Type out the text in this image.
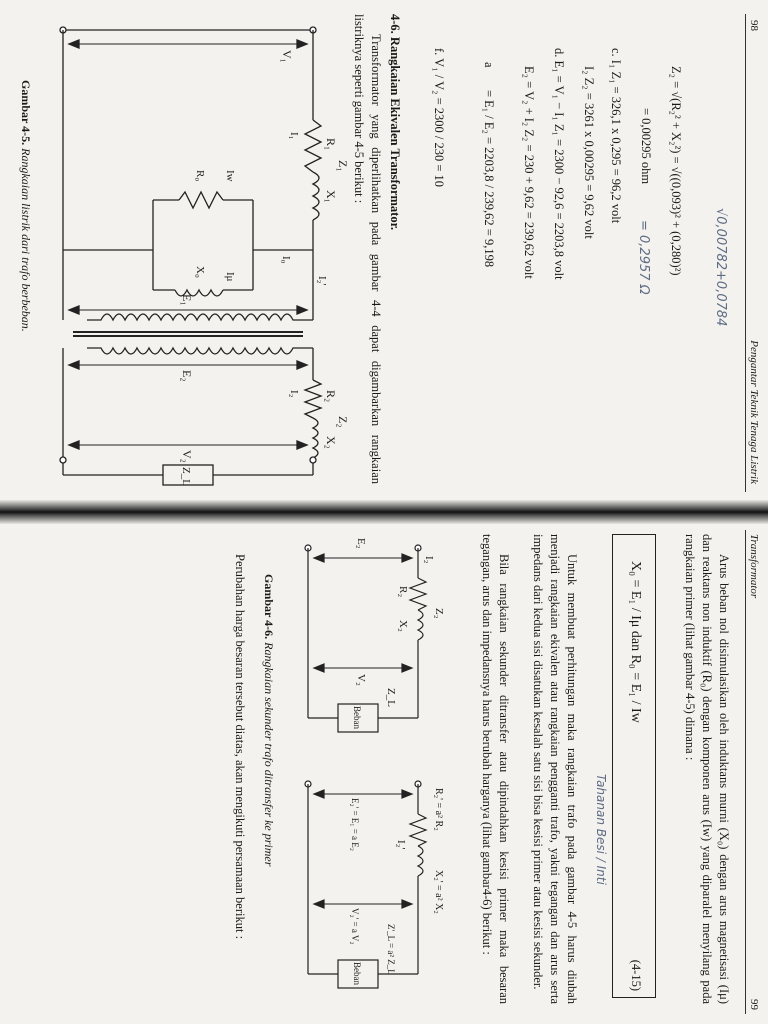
98
Pengantar Teknik Tenaga Listrik
Z₂ = √(R₂² + X₂²) = √((0,093)² + (0,280)²) √0,00782+0,0784
= 0,00295 ohm
= 0,2957 Ω
c. I₁ Z₁ = 326,1 x 0,295 = 96,2 volt
I₂ Z₂ = 3261 x 0,00295 = 9,62 volt
d. E₁ = V₁ − I₁ Z₁ = 2300 − 92,6 = 2203,8 volt
E₂ = V₂ + I₂ Z₂ = 230 + 9,62 = 239,62 volt
a
= E₁ / E₂ = 2203,8 / 239,62 = 9,198
f. V₁ / V₂ = 2300 / 230 = 10
4-6. Rangkaian Ekivalen Transformator.
Transformator yang diperlihatkan pada gambar 4-4 dapat digambarkan rangkaian listriknya seperti gambar 4-5 berikut :
V₁
R₁
X₁
Z₁
I₁
I₀
I₂'
Iw
Iμ
R₀
X₀
E₁
E₂
R₂
X₂
Z₂
I₂
V₂
Z_L
Gambar 4-5. Rangkaian listrik dari trafo berbeban.
Transformator
99
Arus beban nol disimulasikan oleh induktans murni (X₀) dengan arus magnetisasi (Iμ) dan reaktans non induktif (R₀) dengan komponen arus (Iw) yang diparalel menyilang pada rangkaian primer (lihat gambar 4-5) dimana :
X₀ = E₁ / Iμ dan R₀ = E₁ / Iw
(4-15)
Tahanan Besi / Inti
Untuk membuat perhitungan maka rangkaian trafo pada gambar 4-5 harus diubah menjadi rangkaian ekivalen atau rangkaian pengganti trafo, yakni tegangan dan arus serta impedans dari kedua sisi disatukan kesalah satu sisi bisa kesisi primer atau kesisi sekunder.
Bila rangkaian sekunder ditransfer atau dipindahkan kesisi primer maka besaran tegangan, arus dan impedansnya harus berubah harganya (lihat gambar4-6) berikut :
I₂
R₂
X₂
Z₂
E₂
V₂
Beban
Z_L
R₂' = a² R₂
X₂' = a² X₂
I₂'
E₂' = E₁ = a E₂
V₂' = a V₂
Beban	Z'_L = a² Z_L
Gambar 4-6. Rangkaian sekunder trafo ditransfer ke primer
Perubahan harga besaran tersebut diatas, akan mengikuti persamaan berikut :
